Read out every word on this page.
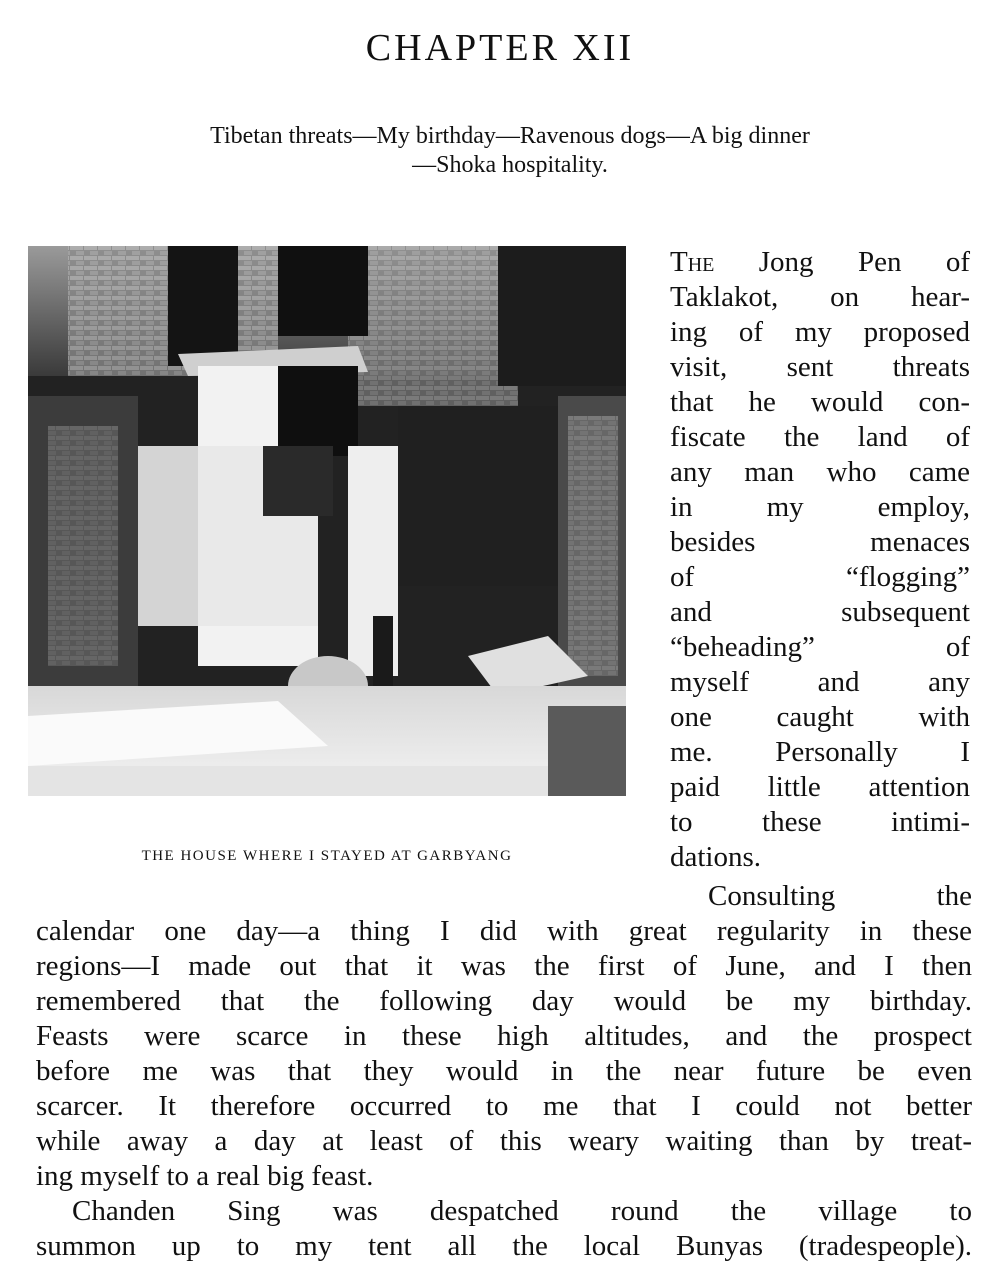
CHAPTER XII
Tibetan threats—My birthday—Ravenous dogs—A big dinner
—Shoka hospitality.
THE HOUSE WHERE I STAYED AT GARBYANG
The Jong Pen of
Taklakot, on hear-
ing of my proposed
visit, sent threats
that he would con-
fiscate the land of
any man who came
in my employ,
besides menaces
of “flogging”
and subsequent
“beheading” of
myself and any
one caught with
me. Personally I
paid little attention
to these intimi-
dations.
Consulting the
calendar one day—a thing I did with great regularity in these
regions—I made out that it was the first of June, and I then
remembered that the following day would be my birthday.
Feasts were scarce in these high altitudes, and the prospect
before me was that they would in the near future be even
scarcer. It therefore occurred to me that I could not better
while away a day at least of this weary waiting than by treat-
ing myself to a real big feast.
Chanden Sing was despatched round the village to
summon up to my tent all the local Bunyas (tradespeople).
